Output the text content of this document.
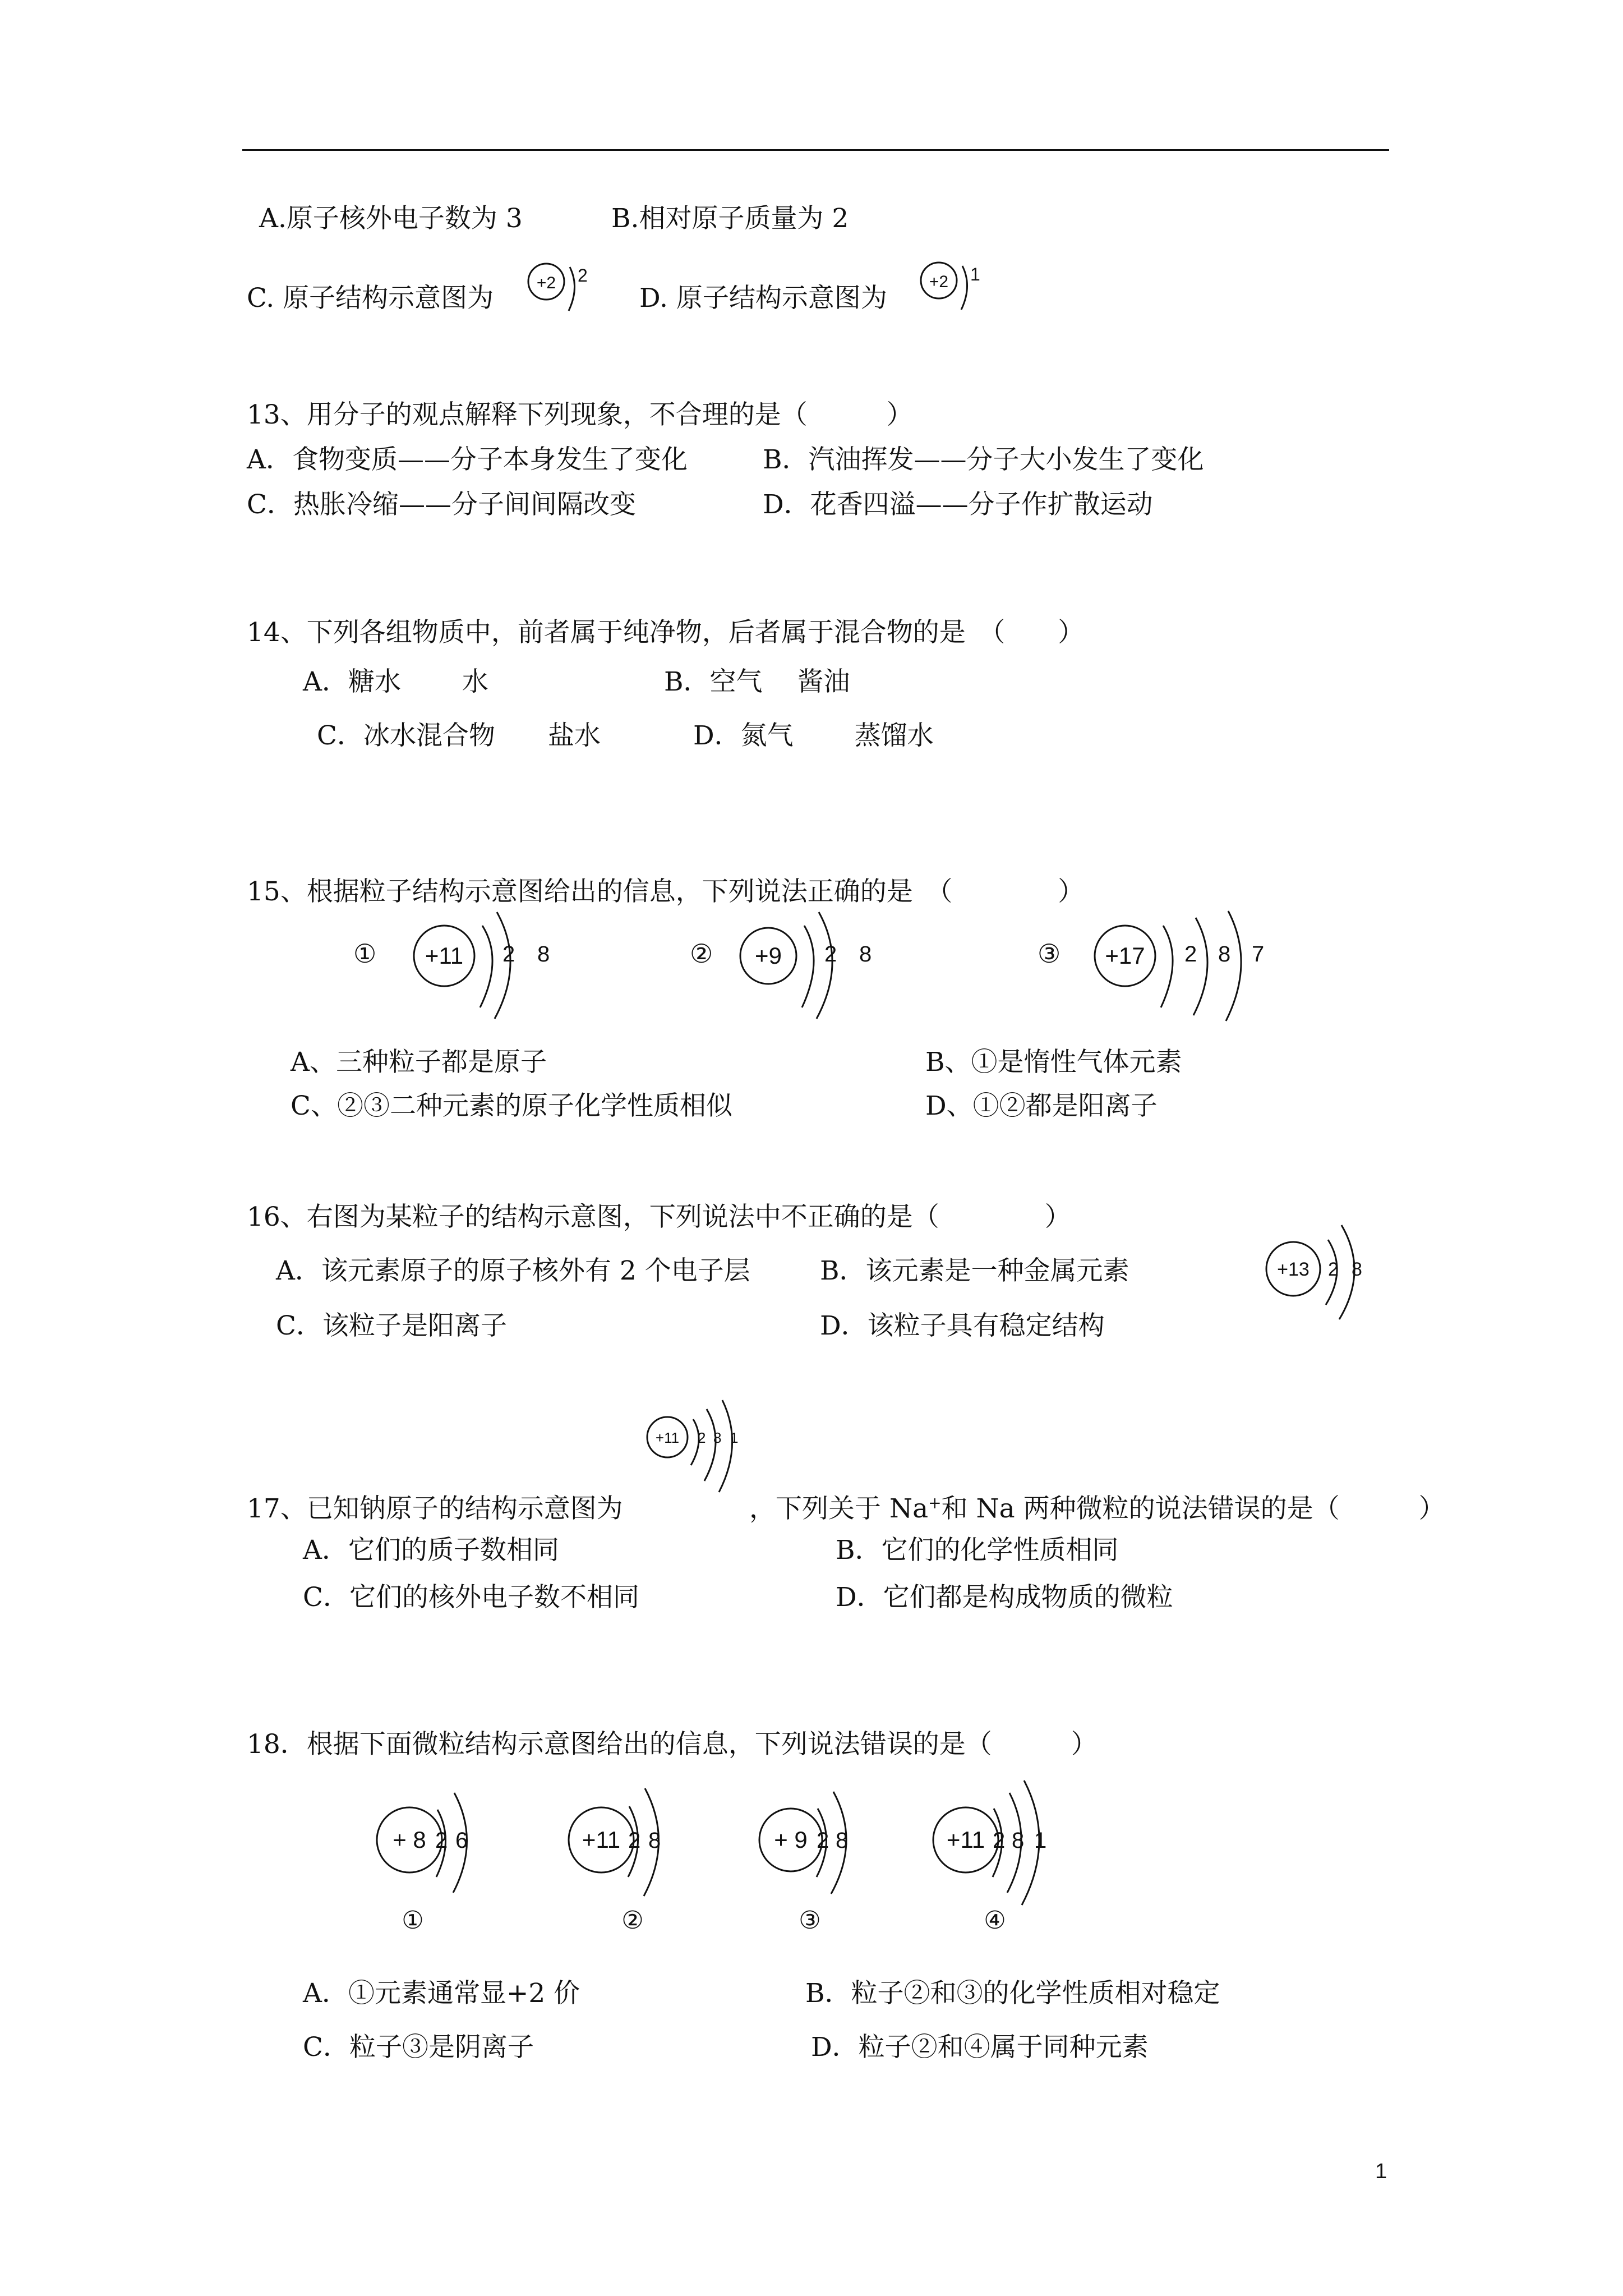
A.原子核外电子数为 3	B.相对原子质量为 2
C. 原子结构示意图为	+2 2
D. 原子结构示意图为
+2 1
13、用分子的观点解释下列现象，不合理的是（　　　）
A．食物变质——分子本身发生了变化	B．汽油挥发——分子大小发生了变化
C．热胀冷缩——分子间间隔改变	D．花香四溢——分子作扩散运动
14、下列各组物质中，前者属于纯净物，后者属于混合物的是　（　　）
A．糖水　　 水	B．空气　 酱油
C．冰水混合物　　盐水	D．氮气　　 蒸馏水
15、根据粒子结构示意图给出的信息，下列说法正确的是　（　　　　）
① +11 2 8	② +9 2 8	③ +17 2 8 7
A、三种粒子都是原子	B、①是惰性气体元素
C、②③二种元素的原子化学性质相似	D、①②都是阳离子
16、右图为某粒子的结构示意图，下列说法中不正确的是（　　　　）
A．该元素原子的原子核外有 2 个电子层	B．该元素是一种金属元素
C．该粒子是阳离子	D．该粒子具有稳定结构
+13 2 8
+11 2 8 1
17、已知钠原子的结构示意图为	，下列关于 Na+和 Na 两种微粒的说法错误的是（　　　）
A．它们的质子数相同	B．它们的化学性质相同
C．它们的核外电子数不相同	D．它们都是构成物质的微粒
18．根据下面微粒结构示意图给出的信息，下列说法错误的是（　　　）
+ 8 2 6
①
+11 2 8
②
+ 9 2 8
③
+11 2 8 1
④
A．①元素通常显+2 价	B．粒子②和③的化学性质相对稳定
C．粒子③是阴离子	D．粒子②和④属于同种元素
1
